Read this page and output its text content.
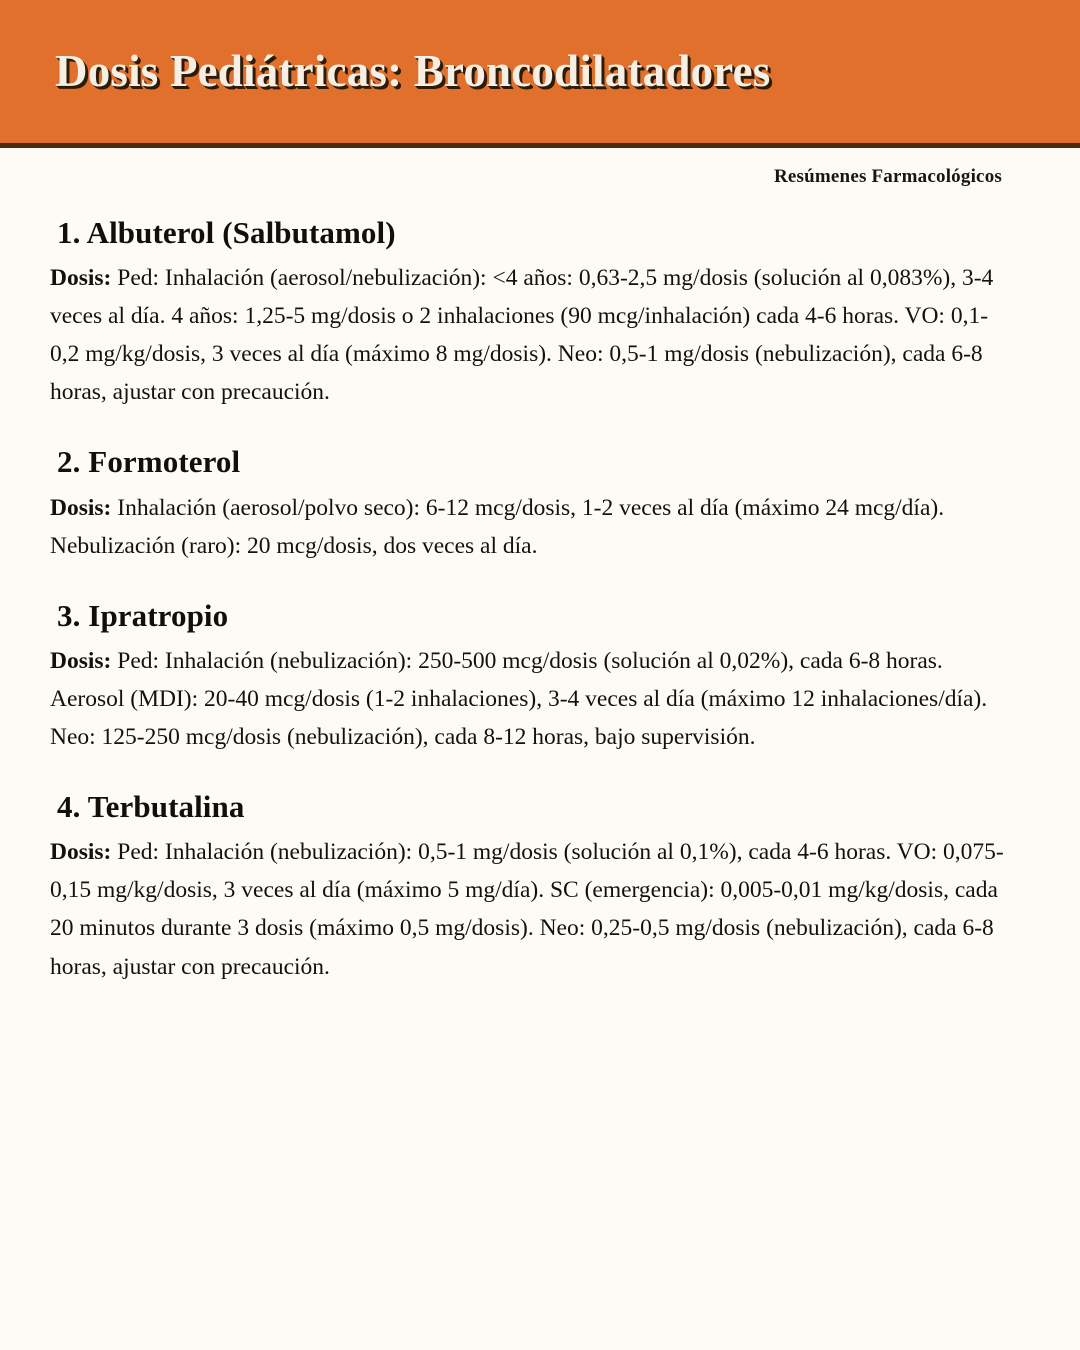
Dosis Pediátricas: Broncodilatadores
Resúmenes Farmacológicos
1. Albuterol (Salbutamol)

Dosis: Ped: Inhalación (aerosol/nebulización): <4 años: 0,63-2,5 mg/dosis (solución al 0,083%), 3-4 veces al día. 4 años: 1,25-5 mg/dosis o 2 inhalaciones (90 mcg/inhalación) cada 4-6 horas. VO: 0,1-0,2 mg/kg/dosis, 3 veces al día (máximo 8 mg/dosis). Neo: 0,5-1 mg/dosis (nebulización), cada 6-8 horas, ajustar con precaución.

2. Formoterol

Dosis: Inhalación (aerosol/polvo seco): 6-12 mcg/dosis, 1-2 veces al día (máximo 24 mcg/día). Nebulización (raro): 20 mcg/dosis, dos veces al día.

3. Ipratropio

Dosis: Ped: Inhalación (nebulización): 250-500 mcg/dosis (solución al 0,02%), cada 6-8 horas. Aerosol (MDI): 20-40 mcg/dosis (1-2 inhalaciones), 3-4 veces al día (máximo 12 inhalaciones/día). Neo: 125-250 mcg/dosis (nebulización), cada 8-12 horas, bajo supervisión.

4. Terbutalina

Dosis: Ped: Inhalación (nebulización): 0,5-1 mg/dosis (solución al 0,1%), cada 4-6 horas. VO: 0,075-0,15 mg/kg/dosis, 3 veces al día (máximo 5 mg/día). SC (emergencia): 0,005-0,01 mg/kg/dosis, cada 20 minutos durante 3 dosis (máximo 0,5 mg/dosis). Neo: 0,25-0,5 mg/dosis (nebulización), cada 6-8 horas, ajustar con precaución.
